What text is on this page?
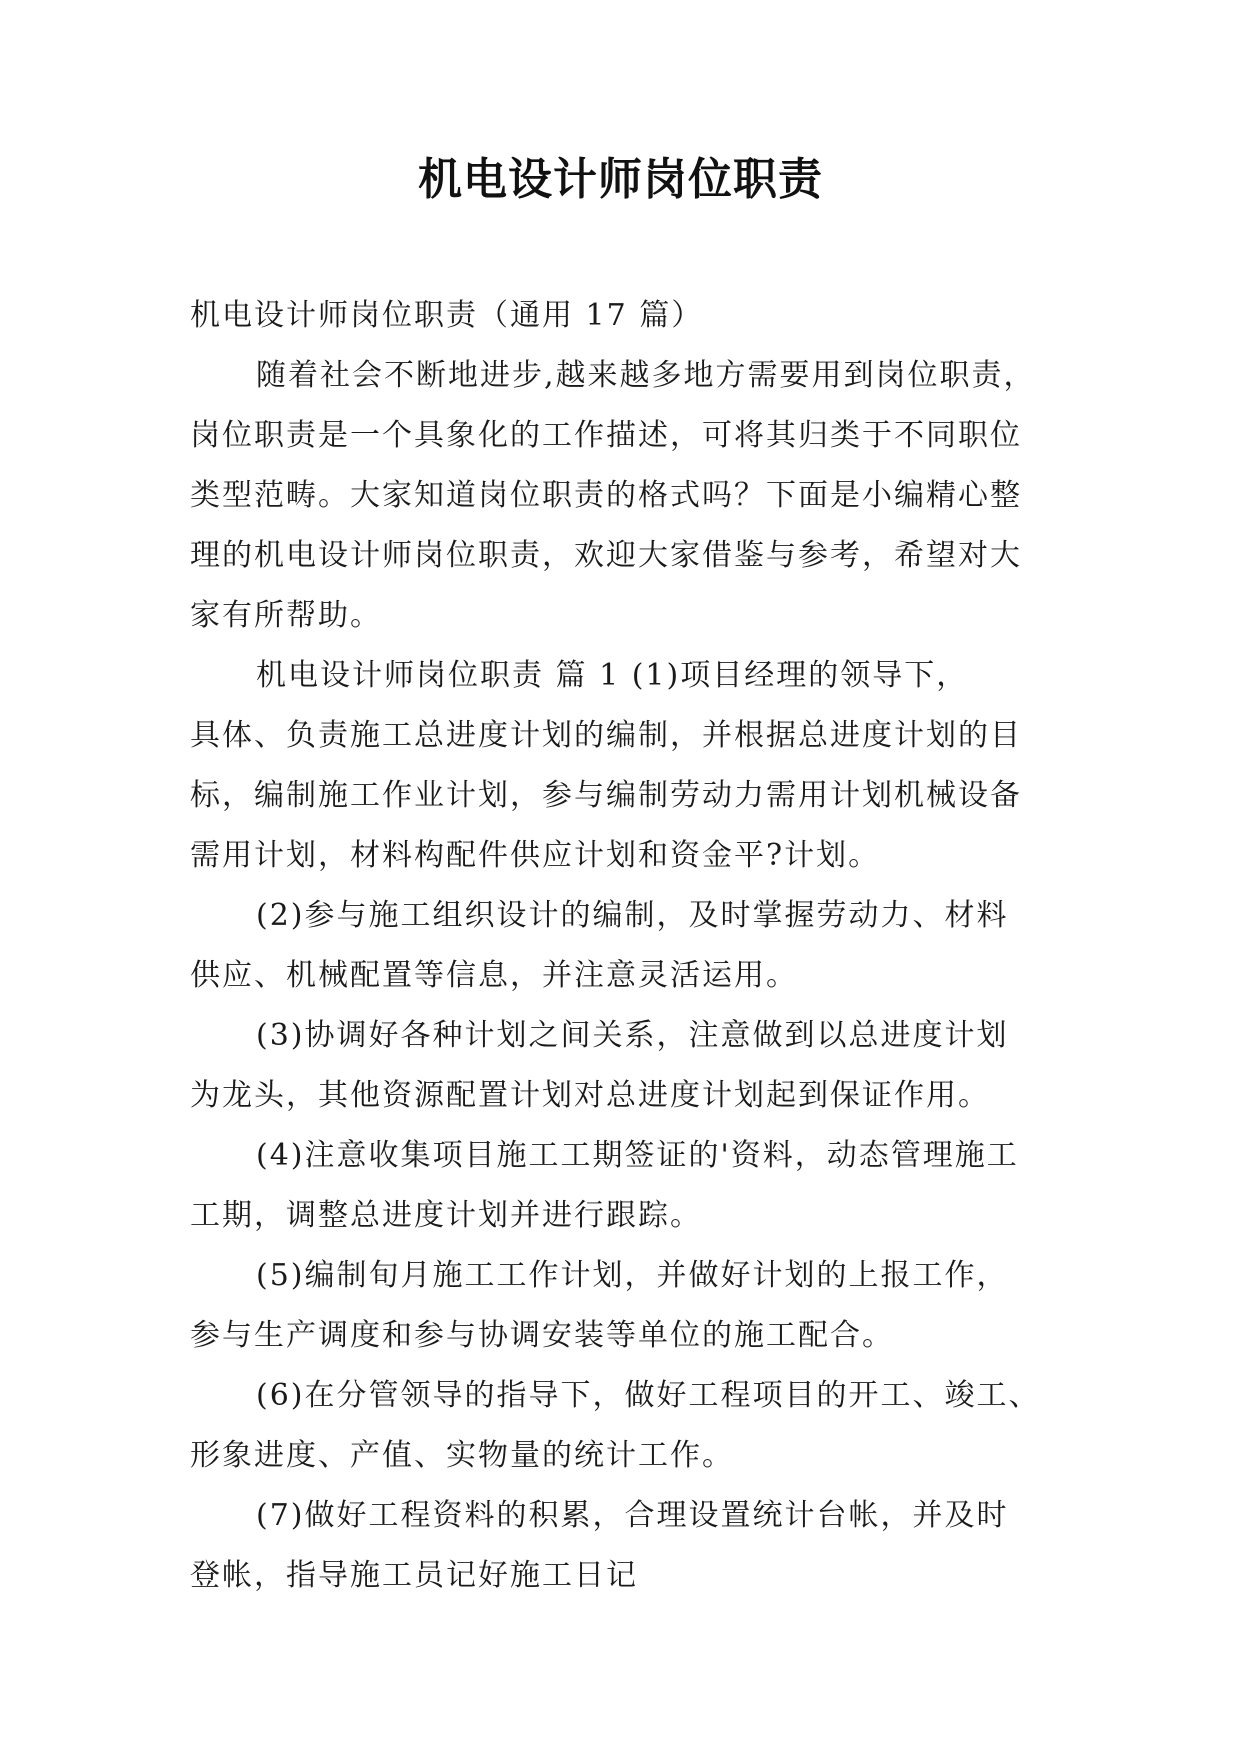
机电设计师岗位职责
机电设计师岗位职责（通用 17 篇）
随着社会不断地进步,越来越多地方需要用到岗位职责，
岗位职责是一个具象化的工作描述，可将其归类于不同职位
类型范畴。大家知道岗位职责的格式吗？下面是小编精心整
理的机电设计师岗位职责，欢迎大家借鉴与参考，希望对大
家有所帮助。
机电设计师岗位职责 篇 1 (1)项目经理的领导下，
具体、负责施工总进度计划的编制，并根据总进度计划的目
标，编制施工作业计划，参与编制劳动力需用计划机械设备
需用计划，材料构配件供应计划和资金平?计划。
(2)参与施工组织设计的编制，及时掌握劳动力、材料
供应、机械配置等信息，并注意灵活运用。
(3)协调好各种计划之间关系，注意做到以总进度计划
为龙头，其他资源配置计划对总进度计划起到保证作用。
(4)注意收集项目施工工期签证的'资料，动态管理施工
工期，调整总进度计划并进行跟踪。
(5)编制旬月施工工作计划，并做好计划的上报工作，
参与生产调度和参与协调安装等单位的施工配合。
(6)在分管领导的指导下，做好工程项目的开工、竣工、
形象进度、产值、实物量的统计工作。
(7)做好工程资料的积累，合理设置统计台帐，并及时
登帐，指导施工员记好施工日记
